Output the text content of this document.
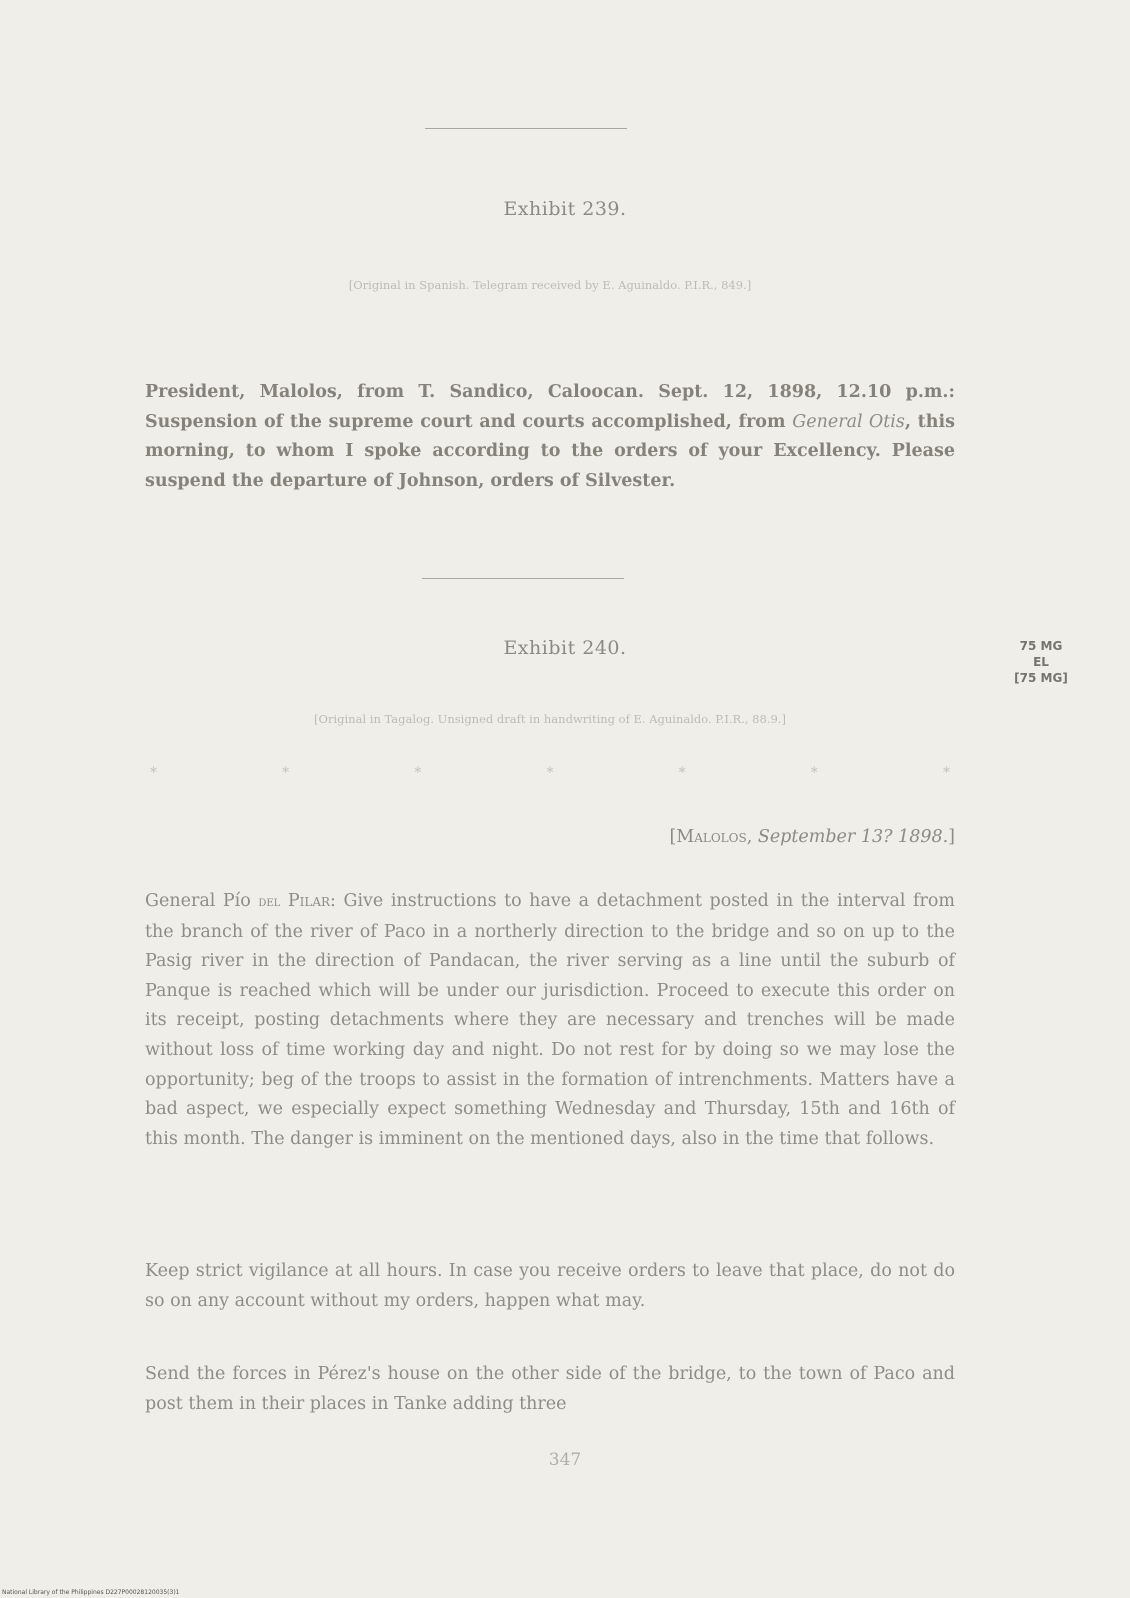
Exhibit 239.
[Original in Spanish. Telegram received by E. Aguinaldo. P.I.R., 849.]

President, Malolos, from T. Sandico, Caloocan. Sept. 12, 1898, 12.10 p.m.: Suspension of the supreme court and courts accomplished, from General Otis, this morning, to whom I spoke according to the orders of your Excellency. Please suspend the departure of Johnson, orders of Silvester.

Exhibit 240.
[Original in Tagalog. Unsigned draft in handwriting of E. Aguinaldo. P.I.R., 88.9.]
*	*	*	*	*	*	*
[Malolos, September 13? 1898.]

General Pío del Pilar: Give instructions to have a detachment posted in the interval from the branch of the river of Paco in a northerly direction to the bridge and so on up to the Pasig river in the direction of Pandacan, the river serving as a line until the suburb of Panque is reached which will be under our jurisdiction. Proceed to execute this order on its receipt, posting detachments where they are necessary and trenches will be made without loss of time working day and night. Do not rest for by doing so we may lose the opportunity; beg of the troops to assist in the formation of intrenchments. Matters have a bad aspect, we especially expect something Wednesday and Thursday, 15th and 16th of this month. The danger is imminent on the mentioned days, also in the time that follows.

Keep strict vigilance at all hours. In case you receive orders to leave that place, do not do so on any account without my orders, happen what may.

Send the forces in Pérez's house on the other side of the bridge, to the town of Paco and post them in their places in Tanke adding three

75 MG
EL
[75 MG]
347
National Library of the Philippines D227P00028120035(3)1
